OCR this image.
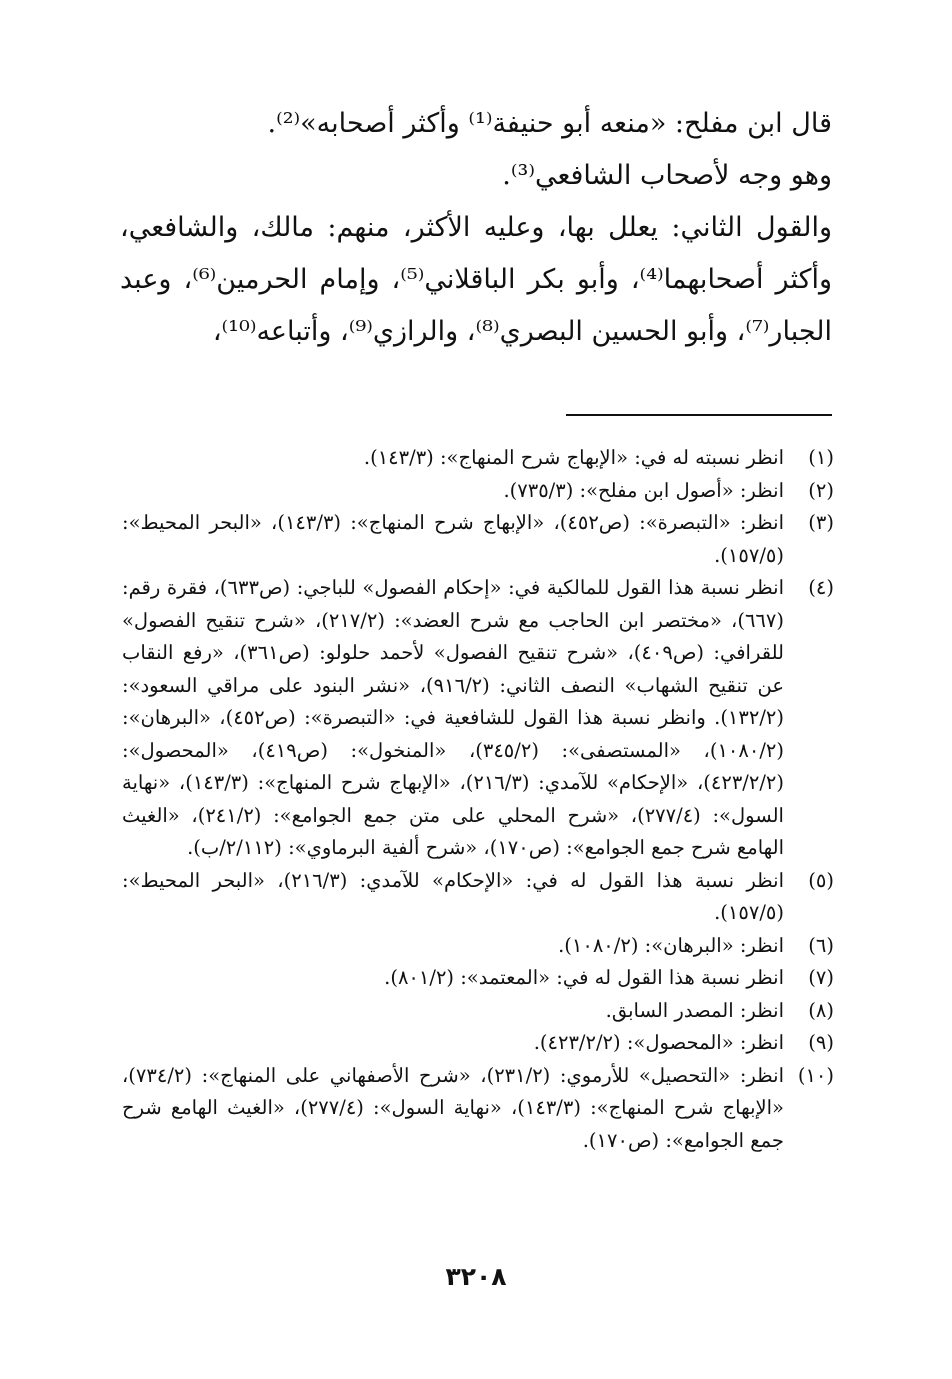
قال ابن مفلح: «منعه أبو حنيفة⁽¹⁾ وأكثر أصحابه»⁽²⁾.

وهو وجه لأصحاب الشافعي⁽³⁾.

والقول الثاني: يعلل بها، وعليه الأكثر، منهم: مالك، والشافعي، وأكثر أصحابهما⁽⁴⁾، وأبو بكر الباقلاني⁽⁵⁾، وإمام الحرمين⁽⁶⁾، وعبد الجبار⁽⁷⁾، وأبو الحسين البصري⁽⁸⁾، والرازي⁽⁹⁾، وأتباعه⁽¹⁰⁾،

(١)
انظر نسبته له في: «الإبهاج شرح المنهاج»: (١٤٣/٣).
(٢)
انظر: «أصول ابن مفلح»: (٧٣٥/٣).
(٣)
انظر: «التبصرة»: (ص٤٥٢)، «الإبهاج شرح المنهاج»: (١٤٣/٣)، «البحر المحيط»: (١٥٧/٥).
(٤)
انظر نسبة هذا القول للمالكية في: «إحكام الفصول» للباجي: (ص٦٣٣)، فقرة رقم: (٦٦٧)، «مختصر ابن الحاجب مع شرح العضد»: (٢١٧/٢)، «شرح تنقيح الفصول» للقرافي: (ص٤٠٩)، «شرح تنقيح الفصول» لأحمد حلولو: (ص٣٦١)، «رفع النقاب عن تنقيح الشهاب» النصف الثاني: (٩١٦/٢)، «نشر البنود على مراقي السعود»: (١٣٢/٢). وانظر نسبة هذا القول للشافعية في: «التبصرة»: (ص٤٥٢)، «البرهان»: (١٠٨٠/٢)، «المستصفى»: (٣٤٥/٢)، «المنخول»: (ص٤١٩)، «المحصول»: (٤٢٣/٢/٢)، «الإحكام» للآمدي: (٢١٦/٣)، «الإبهاج شرح المنهاج»: (١٤٣/٣)، «نهاية السول»: (٢٧٧/٤)، «شرح المحلي على متن جمع الجوامع»: (٢٤١/٢)، «الغيث الهامع شرح جمع الجوامع»: (ص١٧٠)، «شرح ألفية البرماوي»: (٢/١١٢/ب).
(٥)
انظر نسبة هذا القول له في: «الإحكام» للآمدي: (٢١٦/٣)، «البحر المحيط»: (١٥٧/٥).
(٦)
انظر: «البرهان»: (١٠٨٠/٢).
(٧)
انظر نسبة هذا القول له في: «المعتمد»: (٨٠١/٢).
(٨)
انظر: المصدر السابق.
(٩)
انظر: «المحصول»: (٤٢٣/٢/٢).
(١٠)
انظر: «التحصيل» للأرموي: (٢٣١/٢)، «شرح الأصفهاني على المنهاج»: (٧٣٤/٢)، «الإبهاج شرح المنهاج»: (١٤٣/٣)، «نهاية السول»: (٢٧٧/٤)، «الغيث الهامع شرح جمع الجوامع»: (ص١٧٠).
٣٢٠٨
